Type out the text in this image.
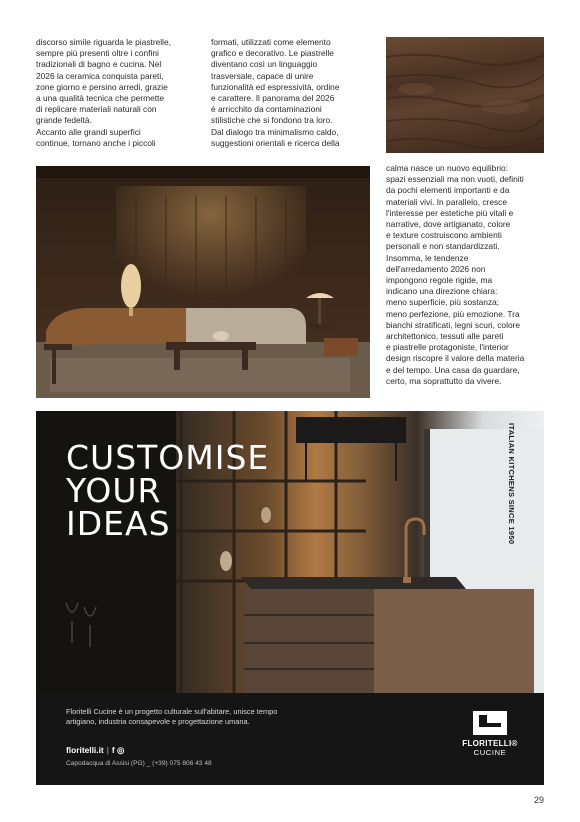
discorso simile riguarda le piastrelle,
sempre più presenti oltre i confini
tradizionali di bagno e cucina. Nel
2026 la ceramica conquista pareti,
zone giorno e persino arredi, grazie
a una qualità tecnica che permette
di replicare materiali naturali con
grande fedeltà.
Accanto alle grandi superfici
continue, tornano anche i piccoli

formati, utilizzati come elemento
grafico e decorativo. Le piastrelle
diventano così un linguaggio
trasversale, capace di unire
funzionalità ed espressività, ordine
e carattere. Il panorama del 2026
è arricchito da contaminazioni
stilistiche che si fondono tra loro.
Dal dialogo tra minimalismo caldo,
suggestioni orientali e ricerca della

calma nasce un nuovo equilibrio:
spazi essenziali ma non vuoti, definiti
da pochi elementi importanti e da
materiali vivi. In parallelo, cresce
l'interesse per estetiche più vitali e
narrative, dove artigianato, colore
e texture costruiscono ambienti
personali e non standardizzati.
Insomma, le tendenze
dell'arredamento 2026 non
impongono regole rigide, ma
indicano una direzione chiara:
meno superficie, più sostanza;
meno perfezione, più emozione. Tra
bianchi stratificati, legni scuri, colore
architettonico, tessuti alle pareti
e piastrelle protagoniste, l'interior
design riscopre il valore della materia
e del tempo. Una casa da guardare,
certo, ma soprattutto da vivere.

CUSTOMISE
YOUR
IDEAS	ITALIAN KITCHENS SINCE 1950
Floritelli Cucine è un progetto culturale sull'abitare, unisce tempo
artigiano, industria consapevole e progettazione umana.
floritelli.it | f ◎
Capodacqua di Assisi (PG) _ (+39) 075 806 43 48
FLORITELLI®
CUCINE
29
